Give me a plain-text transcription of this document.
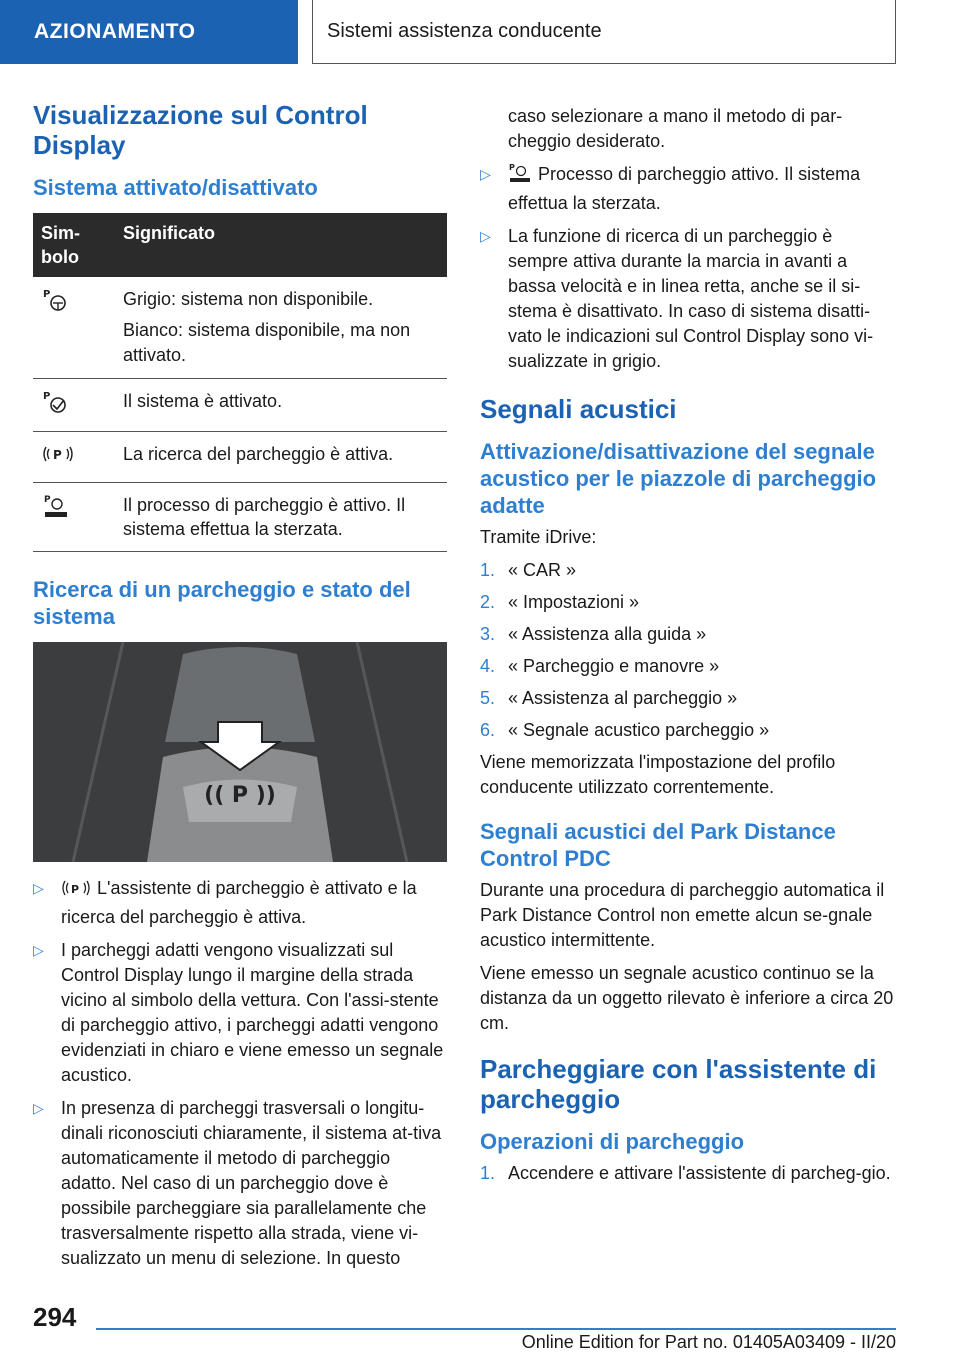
AZIONAMENTO	Sistemi assistenza conducente
Visualizzazione sul Control Display
Sistema attivato/disattivato
Sim-bolo	Significato

P	Grigio: sistema non disponibile.

Bianco: sistema disponibile, ma non attivato.

P	Il sistema è attivato.

P	La ricerca del parcheggio è attiva.

P	Il processo di parcheggio è attivo. Il sistema effettua la sterzata.
Ricerca di un parcheggio e stato del sistema
(( P ))
▷ P L'assistente di parcheggio è attivato e la ricerca del parcheggio è attiva.
▷ I parcheggi adatti vengono visualizzati sul Control Display lungo il margine della strada vicino al simbolo della vettura. Con l'assi-stente di parcheggio attivo, i parcheggi adatti vengono evidenziati in chiaro e viene emesso un segnale acustico.
▷ In presenza di parcheggi trasversali o longitu-dinali riconosciuti chiaramente, il sistema at-tiva automaticamente il metodo di parcheggio adatto. Nel caso di un parcheggio dove è possibile parcheggiare sia parallelamente che trasversalmente rispetto alla strada, viene vi-sualizzato un menu di selezione. In questo
caso selezionare a mano il metodo di par-cheggio desiderato.
▷ P Processo di parcheggio attivo. Il sistema effettua la sterzata.
▷ La funzione di ricerca di un parcheggio è sempre attiva durante la marcia in avanti a bassa velocità e in linea retta, anche se il si-stema è disattivato. In caso di sistema disatti-vato le indicazioni sul Control Display sono vi-sualizzate in grigio.
Segnali acustici
Attivazione/disattivazione del segnale acustico per le piazzole di parcheggio adatte

Tramite iDrive:

1. « CAR »
2. « Impostazioni »
3. « Assistenza alla guida »
4. « Parcheggio e manovre »
5. « Assistenza al parcheggio »
6. « Segnale acustico parcheggio »

Viene memorizzata l'impostazione del profilo conducente utilizzato correntemente.

Segnali acustici del Park Distance Control PDC

Durante una procedura di parcheggio automatica il Park Distance Control non emette alcun se-gnale acustico intermittente.

Viene emesso un segnale acustico continuo se la distanza da un oggetto rilevato è inferiore a circa 20 cm.

Parcheggiare con l'assistente di parcheggio
Operazioni di parcheggio
1. Accendere e attivare l'assistente di parcheg-gio.
294
Online Edition for Part no. 01405A03409 - II/20
